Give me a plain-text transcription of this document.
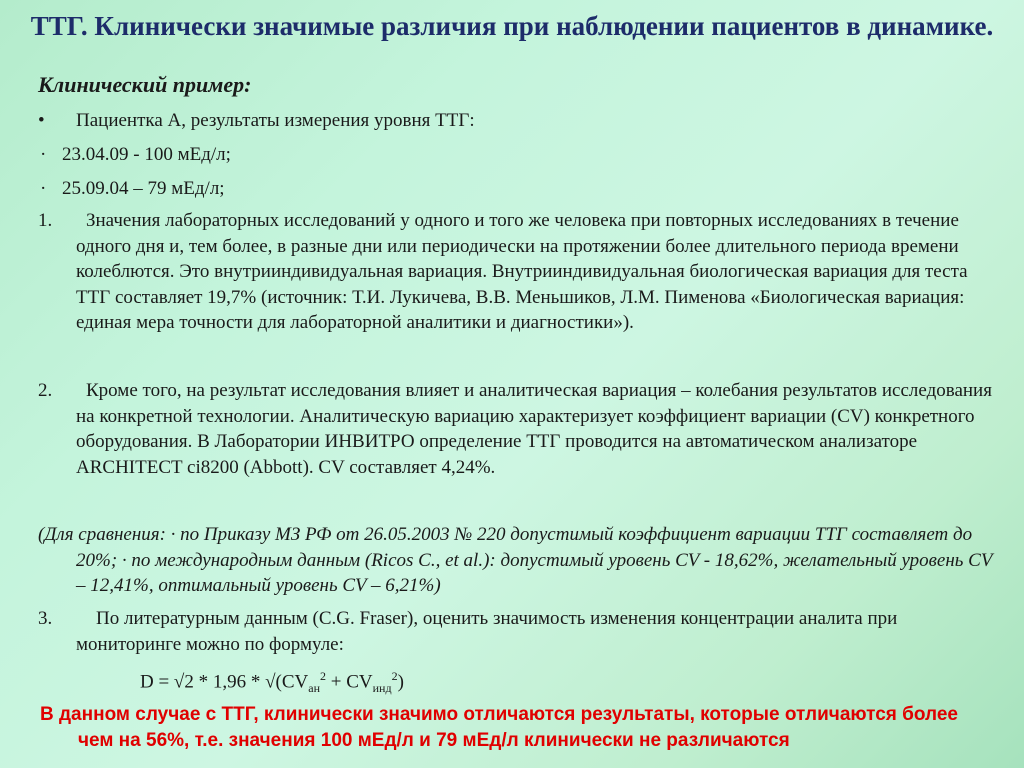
ТТГ. Клинически значимые различия при наблюдении пациентов в динамике.
Клинический пример:
• Пациентка А, результаты измерения уровня ТТГ:
· 23.04.09 - 100 мЕд/л;
· 25.09.04 – 79 мЕд/л;
1.	Значения лабораторных исследований у одного и того же человека при повторных исследованиях в течение одного дня и, тем более, в разные дни или периодически на протяжении более длительного периода времени колеблются. Это внутрииндивидуальная вариация. Внутрииндивидуальная биологическая вариация для теста ТТГ составляет 19,7% (источник: Т.И. Лукичева, В.В. Меньшиков, Л.М. Пименова «Биологическая вариация: единая мера точности для лабораторной аналитики и диагностики»).
2.	Кроме того, на результат исследования влияет и аналитическая вариация – колебания результатов исследования на конкретной технологии. Аналитическую вариацию характеризует коэффициент вариации (CV) конкретного оборудования. В Лаборатории ИНВИТРО определение ТТГ проводится на автоматическом анализаторе ARCHITECT ci8200 (Abbott). CV составляет 4,24%.
(Для сравнения: · по Приказу МЗ РФ от 26.05.2003 № 220 допустимый коэффициент вариации ТТГ составляет до 20%; · по международным данным (Ricos C., et al.): допустимый уровень CV - 18,62%, желательный уровень CV – 12,41%, оптимальный уровень CV – 6,21%)
3.	По литературным данным (C.G. Fraser), оценить значимость изменения концентрации аналита при мониторинге можно по формуле:
$D = √2 * 1,96 * √(CV_{ан}^2 + CV_{инд}^2)$
В данном случае с ТТГ, клинически значимо отличаются результаты, которые отличаются более чем на 56%, т.е. значения 100 мЕд/л и 79 мЕд/л клинически не различаются
